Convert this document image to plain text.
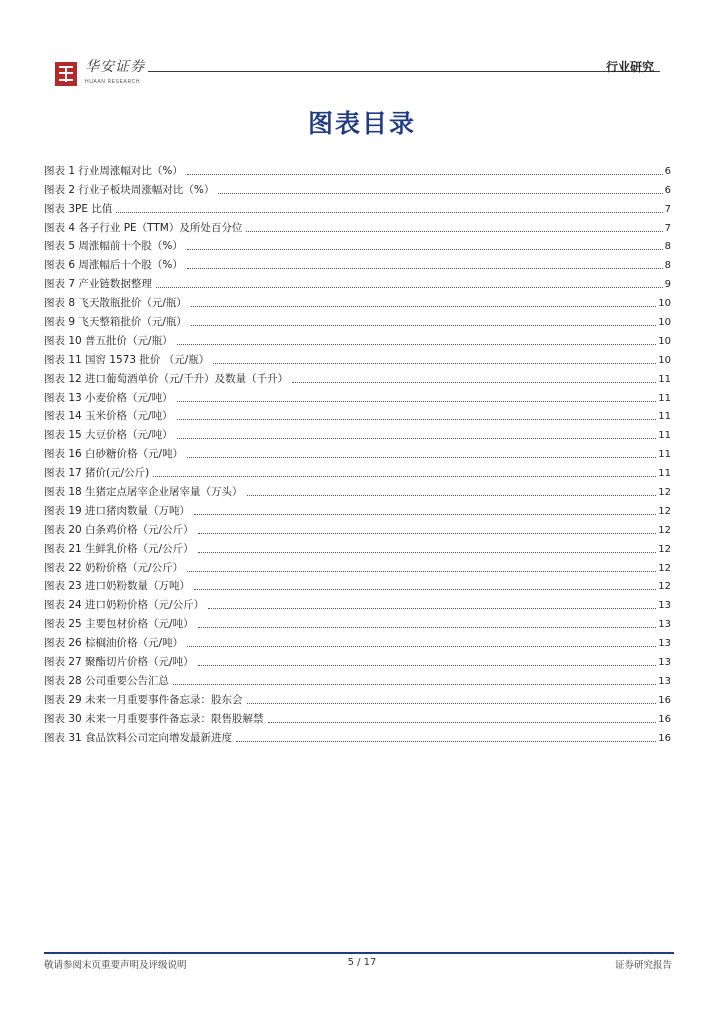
华安证券
HUAAN RESEARCH
行业研究
图表目录
图表 1 行业周涨幅对比（%）	6
图表 2 行业子板块周涨幅对比（%）	6
图表 3PE 比值	7
图表 4 各子行业 PE（TTM）及所处百分位	7
图表 5 周涨幅前十个股（%）	8
图表 6 周涨幅后十个股（%）	8
图表 7 产业链数据整理	9
图表 8 飞天散瓶批价（元/瓶）	10
图表 9 飞天整箱批价（元/瓶）	10
图表 10 普五批价（元/瓶）	10
图表 11 国窖 1573 批价 （元/瓶）	10
图表 12 进口葡萄酒单价（元/千升）及数量（千升）	11
图表 13 小麦价格（元/吨）	11
图表 14 玉米价格（元/吨）	11
图表 15 大豆价格（元/吨）	11
图表 16 白砂糖价格（元/吨）	11
图表 17 猪价(元/公斤)	11
图表 18 生猪定点屠宰企业屠宰量（万头）	12
图表 19 进口猪肉数量（万吨）	12
图表 20 白条鸡价格（元/公斤）	12
图表 21 生鲜乳价格（元/公斤）	12
图表 22 奶粉价格（元/公斤）	12
图表 23 进口奶粉数量（万吨）	12
图表 24 进口奶粉价格（元/公斤）	13
图表 25 主要包材价格（元/吨）	13
图表 26 棕榈油价格（元/吨）	13
图表 27 聚酯切片价格（元/吨）	13
图表 28 公司重要公告汇总	13
图表 29 未来一月重要事件备忘录：股东会	16
图表 30 未来一月重要事件备忘录：限售股解禁	16
图表 31 食品饮料公司定向增发最新进度	16
敬请参阅末页重要声明及评级说明	5 / 17	证券研究报告
